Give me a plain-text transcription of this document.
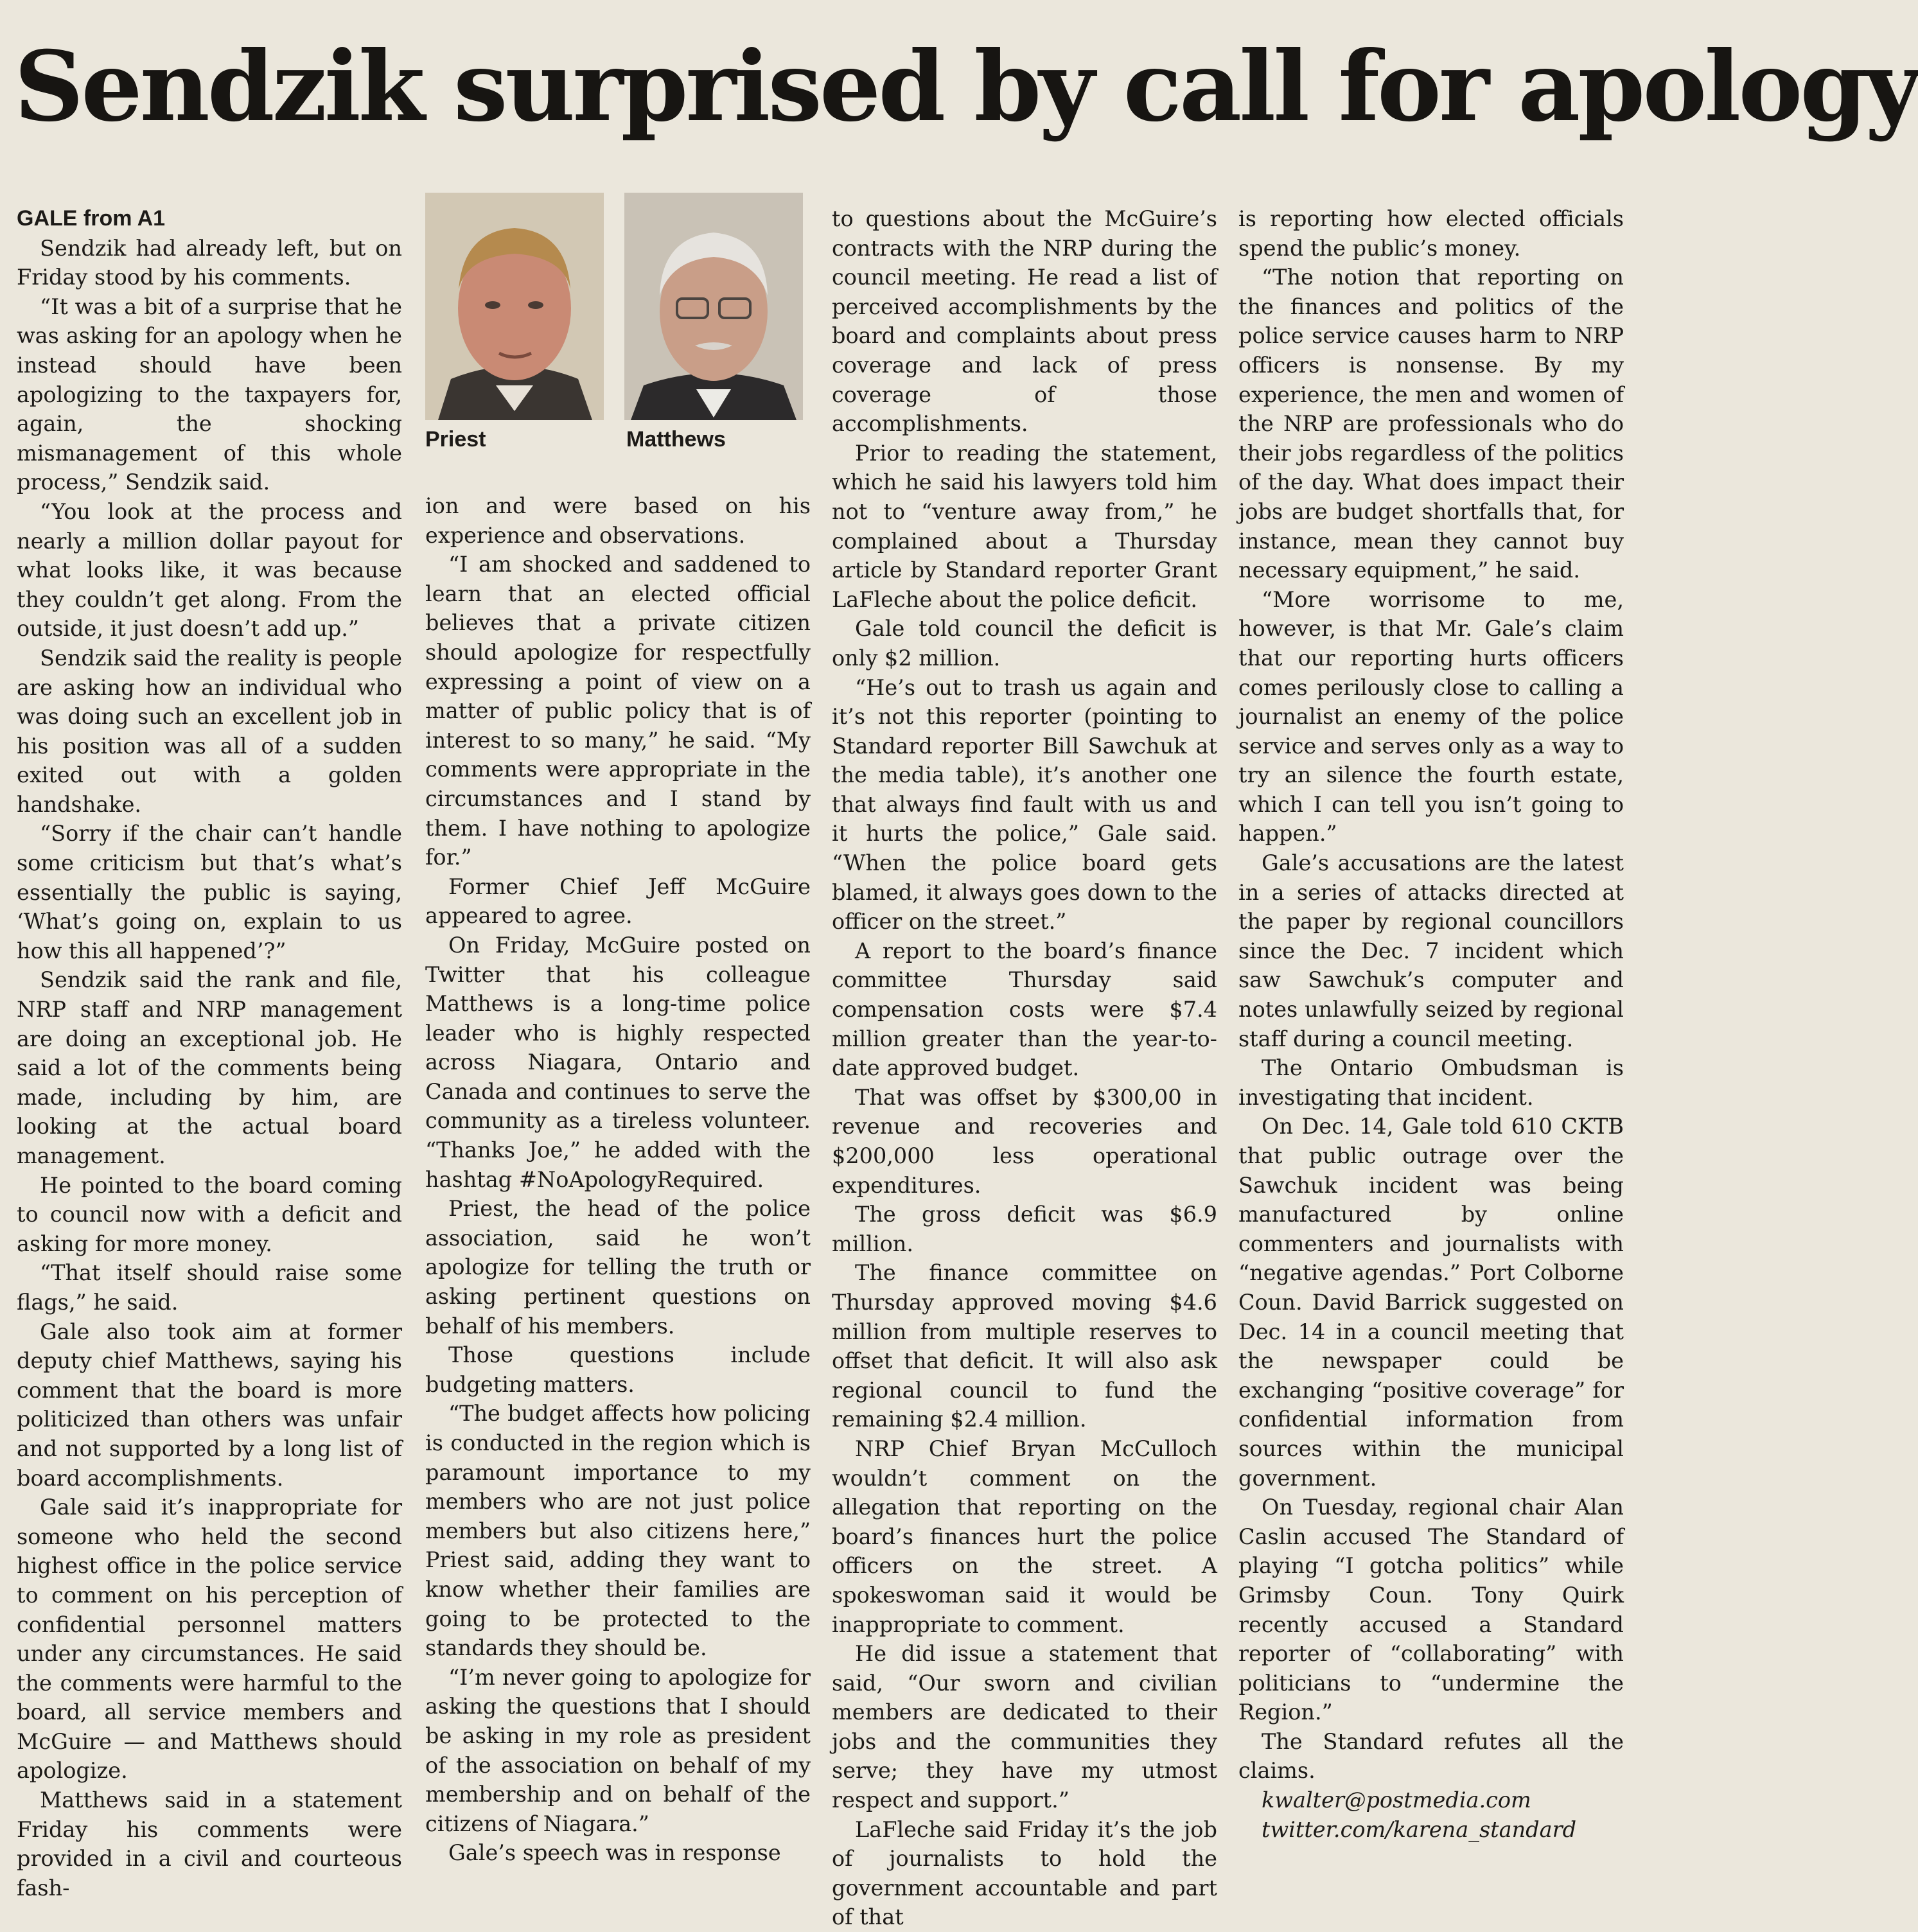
Sendzik surprised by call for apology

GALE from A1

Sendzik had already left, but on Friday stood by his comments.

“It was a bit of a surprise that he was asking for an apology when he instead should have been apologizing to the taxpayers for, again, the shocking mismanagement of this whole process,” Sendzik said.

“You look at the process and nearly a million dollar payout for what looks like, it was because they couldn’t get along. From the outside, it just doesn’t add up.”

Sendzik said the reality is people are asking how an individual who was doing such an excellent job in his position was all of a sudden exited out with a golden handshake.

“Sorry if the chair can’t handle some criticism but that’s what’s essentially the public is saying, ‘What’s going on, explain to us how this all happened’?”

Sendzik said the rank and file, NRP staff and NRP management are doing an exceptional job. He said a lot of the comments being made, including by him, are looking at the actual board management.

He pointed to the board coming to council now with a deficit and asking for more money.

“That itself should raise some flags,” he said.

Gale also took aim at former deputy chief Matthews, saying his comment that the board is more politicized than others was unfair and not supported by a long list of board accomplishments.

Gale said it’s inappropriate for someone who held the second highest office in the police service to comment on his perception of confidential personnel matters under any circumstances. He said the comments were harmful to the board, all service members and McGuire — and Matthews should apologize.

Matthews said in a statement Friday his comments were provided in a civil and courteous fash-

Priest	Matthews

ion and were based on his experience and observations.

“I am shocked and saddened to learn that an elected official believes that a private citizen should apologize for respectfully expressing a point of view on a matter of public policy that is of interest to so many,” he said. “My comments were appropriate in the circumstances and I stand by them. I have nothing to apologize for.”

Former Chief Jeff McGuire appeared to agree.

On Friday, McGuire posted on Twitter that his colleague Matthews is a long-time police leader who is highly respected across Niagara, Ontario and Canada and continues to serve the community as a tireless volunteer. “Thanks Joe,” he added with the hashtag #NoApologyRequired.

Priest, the head of the police association, said he won’t apologize for telling the truth or asking pertinent questions on behalf of his members.

Those questions include budgeting matters.

“The budget affects how policing is conducted in the region which is paramount importance to my members who are not just police members but also citizens here,” Priest said, adding they want to know whether their families are going to be protected to the standards they should be.

“I’m never going to apologize for asking the questions that I should be asking in my role as president of the association on behalf of my membership and on behalf of the citizens of Niagara.”

Gale’s speech was in response

to questions about the McGuire’s contracts with the NRP during the council meeting. He read a list of perceived accomplishments by the board and complaints about press coverage and lack of press coverage of those accomplishments.

Prior to reading the statement, which he said his lawyers told him not to “venture away from,” he complained about a Thursday article by Standard reporter Grant LaFleche about the police deficit.

Gale told council the deficit is only $2 million.

“He’s out to trash us again and it’s not this reporter (pointing to Standard reporter Bill Sawchuk at the media table), it’s another one that always find fault with us and it hurts the police,” Gale said. “When the police board gets blamed, it always goes down to the officer on the street.”

A report to the board’s finance committee Thursday said compensation costs were $7.4 million greater than the year-to-date approved budget.

That was offset by $300,00 in revenue and recoveries and $200,000 less operational expenditures.

The gross deficit was $6.9 million.

The finance committee on Thursday approved moving $4.6 million from multiple reserves to offset that deficit. It will also ask regional council to fund the remaining $2.4 million.

NRP Chief Bryan McCulloch wouldn’t comment on the allegation that reporting on the board’s finances hurt the police officers on the street. A spokeswoman said it would be inappropriate to comment.

He did issue a statement that said, “Our sworn and civilian members are dedicated to their jobs and the communities they serve; they have my utmost respect and support.”

LaFleche said Friday it’s the job of journalists to hold the government accountable and part of that

is reporting how elected officials spend the public’s money.

“The notion that reporting on the finances and politics of the police service causes harm to NRP officers is nonsense. By my experience, the men and women of the NRP are professionals who do their jobs regardless of the politics of the day. What does impact their jobs are budget shortfalls that, for instance, mean they cannot buy necessary equipment,” he said.

“More worrisome to me, however, is that Mr. Gale’s claim that our reporting hurts officers comes perilously close to calling a journalist an enemy of the police service and serves only as a way to try an silence the fourth estate, which I can tell you isn’t going to happen.”

Gale’s accusations are the latest in a series of attacks directed at the paper by regional councillors since the Dec. 7 incident which saw Sawchuk’s computer and notes unlawfully seized by regional staff during a council meeting.

The Ontario Ombudsman is investigating that incident.

On Dec. 14, Gale told 610 CKTB that public outrage over the Sawchuk incident was being manufactured by online commenters and journalists with “negative agendas.” Port Colborne Coun. David Barrick suggested on Dec. 14 in a council meeting that the newspaper could be exchanging “positive coverage” for confidential information from sources within the municipal government.

On Tuesday, regional chair Alan Caslin accused The Standard of playing “I gotcha politics” while Grimsby Coun. Tony Quirk recently accused a Standard reporter of “collaborating” with politicians to “undermine the Region.”

The Standard refutes all the claims.

kwalter@postmedia.com

twitter.com/karena_standard
